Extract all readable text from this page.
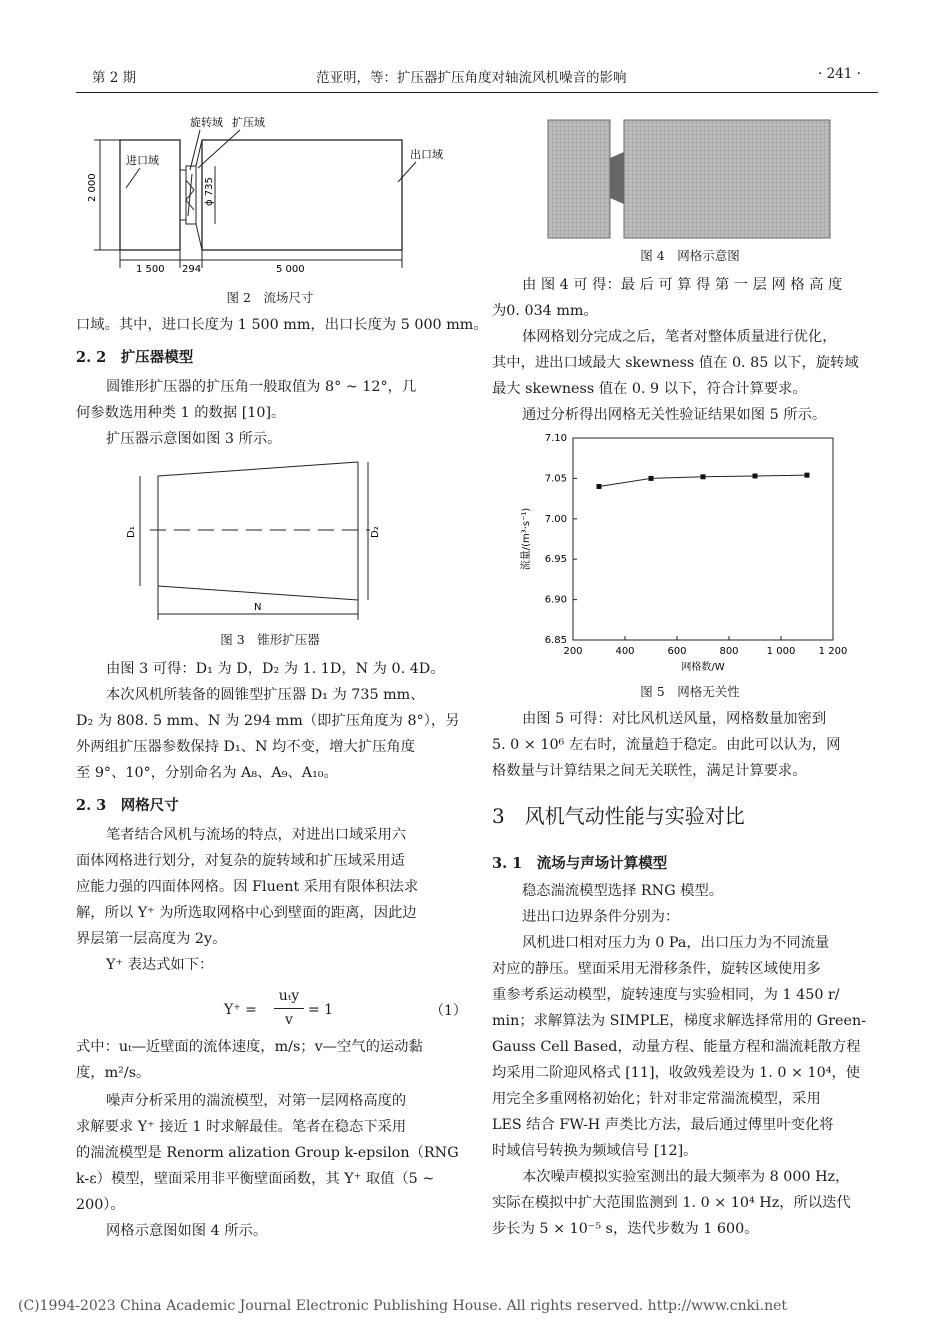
第 2 期	范亚明，等：扩压器扩压角度对轴流风机噪音的影响	· 241 ·
2 000	ϕ 735
1 500 294	5 000
旋转域 扩压域
进口域	出口域
图 2　流场尺寸
口域。其中，进口长度为 1 500 mm，出口长度为 5 000 mm。
2. 2　扩压器模型
圆锥形扩压器的扩压角一般取值为 8° ~ 12°，几
何参数选用种类 1 的数据 [10]。
扩压器示意图如图 3 所示。
D₁	D₂
N
图 3　锥形扩压器
由图 3 可得：D₁ 为 D，D₂ 为 1. 1D，N 为 0. 4D。
本次风机所装备的圆锥型扩压器 D₁ 为 735 mm、
D₂ 为 808. 5 mm、N 为 294 mm（即扩压角度为 8°），另
外两组扩压器参数保持 D₁、N 均不变，增大扩压角度
至 9°、10°，分别命名为 A₈、A₉、A₁₀。
2. 3　网格尺寸
笔者结合风机与流场的特点，对进出口域采用六
面体网格进行划分，对复杂的旋转域和扩压域采用适
应能力强的四面体网格。因 Fluent 采用有限体积法求
解，所以 Y⁺ 为所选取网格中心到壁面的距离，因此边
界层第一层高度为 2y。
Y⁺ 表达式如下：
Y⁺ =
uₜy
v
= 1	（1）
式中：uₜ—近壁面的流体速度，m/s；v—空气的运动黏
度，m²/s。
噪声分析采用的湍流模型，对第一层网格高度的
求解要求 Y⁺ 接近 1 时求解最佳。笔者在稳态下采用
的湍流模型是 Renorm alization Group k-epsilon（RNG
k-ε）模型，壁面采用非平衡壁面函数，其 Y⁺ 取值（5 ~
200）。
网格示意图如图 4 所示。
图 4　网格示意图
由 图 4 可 得：最 后 可 算 得 第 一 层 网 格 高 度
为0. 034 mm。
体网格划分完成之后，笔者对整体质量进行优化，
其中，进出口域最大 skewness 值在 0. 85 以下，旋转域
最大 skewness 值在 0. 9 以下，符合计算要求。
通过分析得出网格无关性验证结果如图 5 所示。
200	400	600	800	1 000 1 200
6.85
6.90
6.95
7.00
7.05
7.10
网格数/W
流量/(m³·s⁻¹)
图 5　网格无关性
由图 5 可得：对比风机送风量，网格数量加密到
5. 0 × 10⁶ 左右时，流量趋于稳定。由此可以认为，网
格数量与计算结果之间无关联性，满足计算要求。
3　风机气动性能与实验对比
3. 1　流场与声场计算模型
稳态湍流模型选择 RNG 模型。
进出口边界条件分别为：
风机进口相对压力为 0 Pa，出口压力为不同流量
对应的静压。壁面采用无滑移条件，旋转区域使用多
重参考系运动模型，旋转速度与实验相同，为 1 450 r/
min；求解算法为 SIMPLE，梯度求解选择常用的 Green-
Gauss Cell Based，动量方程、能量方程和湍流耗散方程
均采用二阶迎风格式 [11]，收敛残差设为 1. 0 × 10⁴，使
用完全多重网格初始化；针对非定常湍流模型，采用
LES 结合 FW-H 声类比方法，最后通过傅里叶变化将
时域信号转换为频域信号 [12]。
本次噪声模拟实验室测出的最大频率为 8 000 Hz，
实际在模拟中扩大范围监测到 1. 0 × 10⁴ Hz，所以迭代
步长为 5 × 10⁻⁵ s，迭代步数为 1 600。
(C)1994-2023 China Academic Journal Electronic Publishing House. All rights reserved. http://www.cnki.net
